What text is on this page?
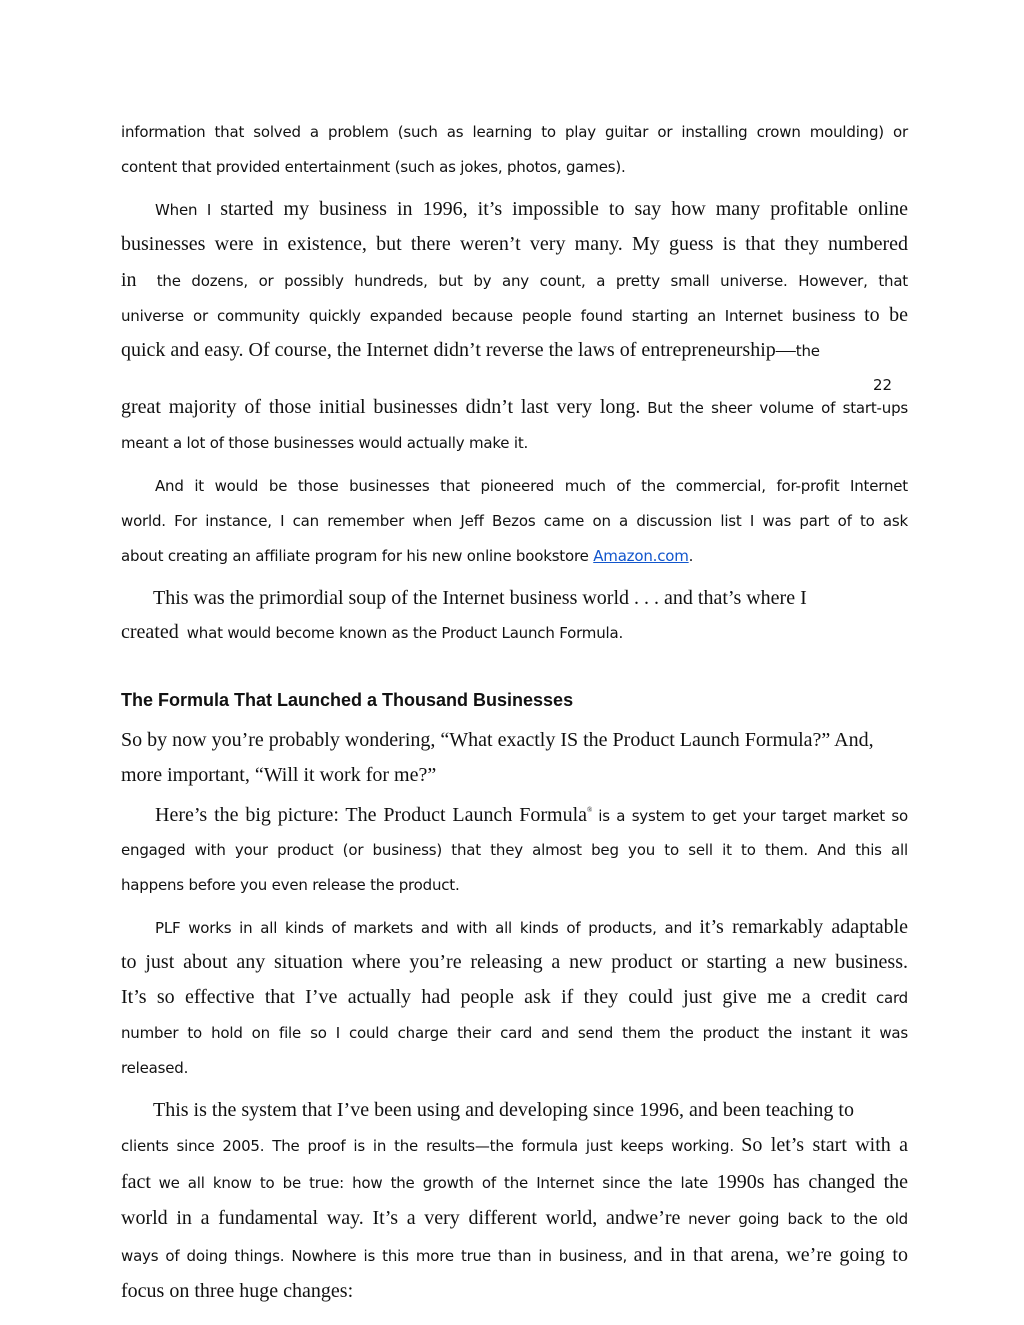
information that solved a problem (such as learning to play guitar or installing crown moulding) or
content that provided entertainment (such as jokes, photos, games).
When I started my business in 1996, it’s impossible to say how many profitable online
businesses were in existence, but there weren’t very many. My guess is that they numbered
in the dozens, or possibly hundreds, but by any count, a pretty small universe. However, that
universe or community quickly expanded because people found starting an Internet business to be
quick and easy. Of course, the Internet didn’t reverse the laws of entrepreneurship—the
22
great majority of those initial businesses didn’t last very long. But the sheer volume of start-ups
meant a lot of those businesses would actually make it.
And it would be those businesses that pioneered much of the commercial, for-profit Internet
world. For instance, I can remember when Jeff Bezos came on a discussion list I was part of to ask
about creating an affiliate program for his new online bookstore Amazon.com.
This was the primordial soup of the Internet business world . . . and that’s where I
created what would become known as the Product Launch Formula.
The Formula That Launched a Thousand Businesses
So by now you’re probably wondering, “What exactly IS the Product Launch Formula?” And,
more important, “Will it work for me?”
Here’s the big picture: The Product Launch Formula® is a system to get your target market so
engaged with your product (or business) that they almost beg you to sell it to them. And this all
happens before you even release the product.
PLF works in all kinds of markets and with all kinds of products, and it’s remarkably adaptable
to just about any situation where you’re releasing a new product or starting a new business.
It’s so effective that I’ve actually had people ask if they could just give me a credit card
number to hold on file so I could charge their card and send them the product the instant it was
released.
This is the system that I’ve been using and developing since 1996, and been teaching to
clients since 2005. The proof is in the results—the formula just keeps working. So let’s start with a
fact we all know to be true: how the growth of the Internet since the late 1990s has changed the
world in a fundamental way. It’s a very different world, andwe’re never going back to the old
ways of doing things. Nowhere is this more true than in business, and in that arena, we’re going to
focus on three huge changes:
